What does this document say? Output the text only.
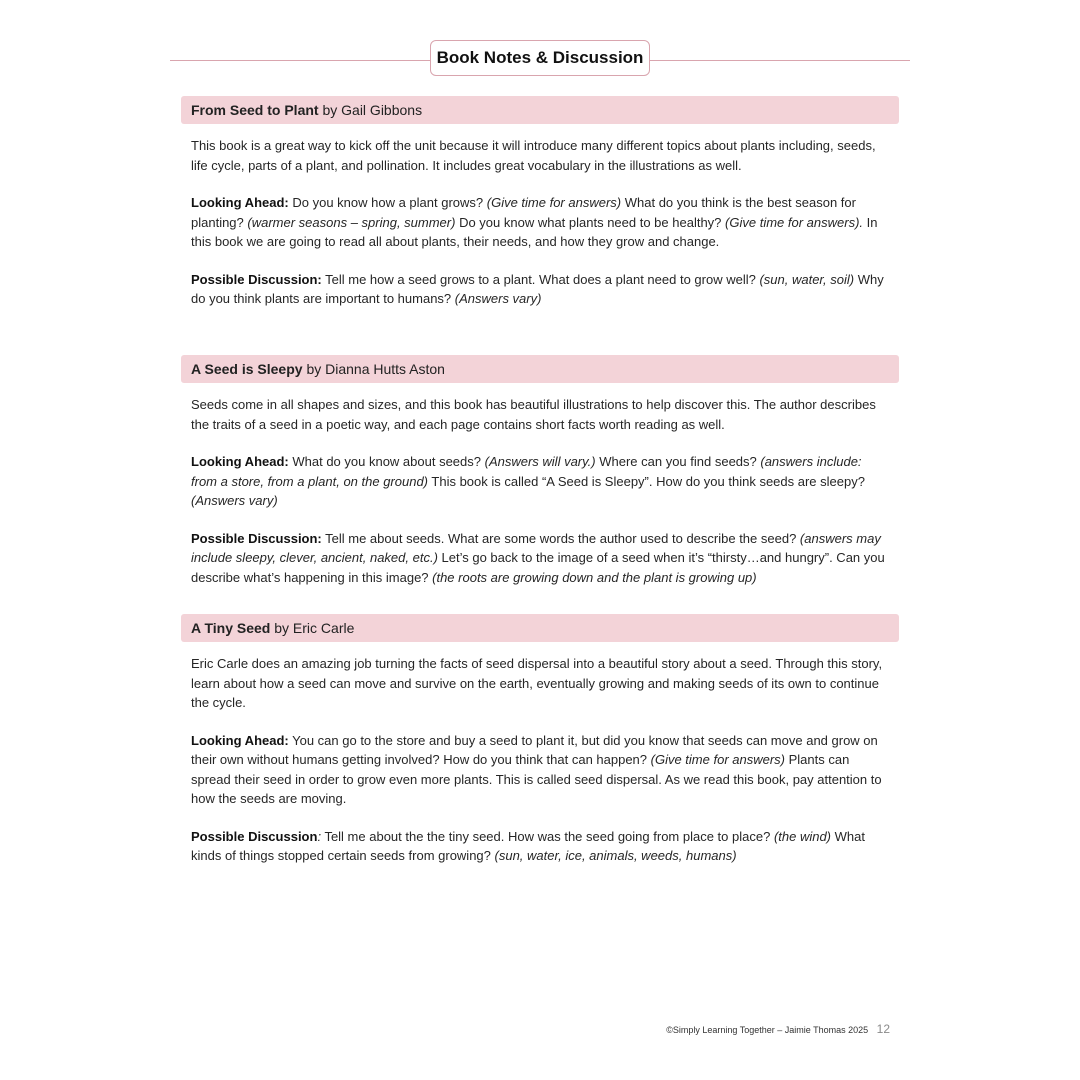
Book Notes & Discussion
From Seed to Plant by Gail Gibbons
This book is a great way to kick off the unit because it will introduce many different topics about plants including, seeds, life cycle, parts of a plant, and pollination. It includes great vocabulary in the illustrations as well.
Looking Ahead: Do you know how a plant grows? (Give time for answers) What do you think is the best season for planting? (warmer seasons – spring, summer) Do you know what plants need to be healthy? (Give time for answers). In this book we are going to read all about plants, their needs, and how they grow and change.
Possible Discussion: Tell me how a seed grows to a plant. What does a plant need to grow well? (sun, water, soil) Why do you think plants are important to humans? (Answers vary)
A Seed is Sleepy by Dianna Hutts Aston
Seeds come in all shapes and sizes, and this book has beautiful illustrations to help discover this. The author describes the traits of a seed in a poetic way, and each page contains short facts worth reading as well.
Looking Ahead: What do you know about seeds? (Answers will vary.) Where can you find seeds? (answers include: from a store, from a plant, on the ground) This book is called “A Seed is Sleepy”. How do you think seeds are sleepy? (Answers vary)
Possible Discussion: Tell me about seeds. What are some words the author used to describe the seed? (answers may include sleepy, clever, ancient, naked, etc.) Let’s go back to the image of a seed when it’s “thirsty…and hungry”. Can you describe what’s happening in this image? (the roots are growing down and the plant is growing up)
A Tiny Seed by Eric Carle
Eric Carle does an amazing job turning the facts of seed dispersal into a beautiful story about a seed. Through this story, learn about how a seed can move and survive on the earth, eventually growing and making seeds of its own to continue the cycle.
Looking Ahead: You can go to the store and buy a seed to plant it, but did you know that seeds can move and grow on their own without humans getting involved? How do you think that can happen? (Give time for answers) Plants can spread their seed in order to grow even more plants. This is called seed dispersal. As we read this book, pay attention to how the seeds are moving.
Possible Discussion: Tell me about the the tiny seed. How was the seed going from place to place? (the wind) What kinds of things stopped certain seeds from growing? (sun, water, ice, animals, weeds, humans)
©Simply Learning Together – Jaimie Thomas 2025 12
